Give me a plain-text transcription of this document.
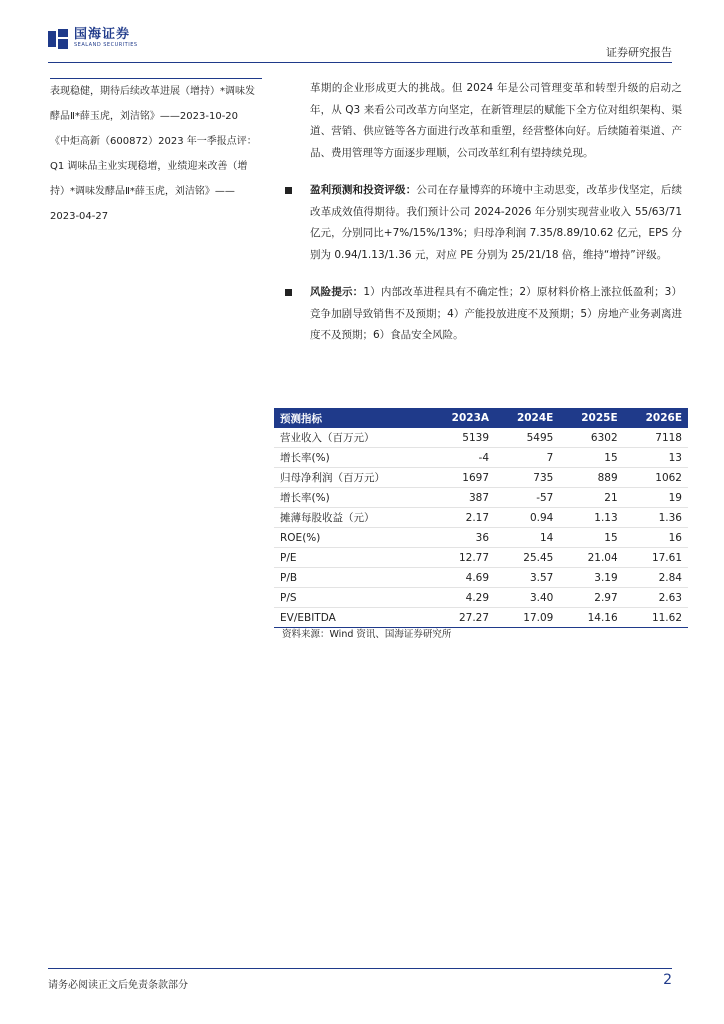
国海证券
SEALAND SECURITIES
证券研究报告

表现稳健，期待后续改革进展（增持）*调味发酵品Ⅱ*薛玉虎，刘洁铭》——2023-10-20

《中炬高新（600872）2023 年一季报点评：Q1 调味品主业实现稳增，业绩迎来改善（增持）*调味发酵品Ⅱ*薛玉虎，刘洁铭》——2023-04-27

革期的企业形成更大的挑战。但 2024 年是公司管理变革和转型升级的启动之年，从 Q3 来看公司改革方向坚定，在新管理层的赋能下全方位对组织架构、渠道、营销、供应链等各方面进行改革和重塑，经营整体向好。后续随着渠道、产品、费用管理等方面逐步理顺，公司改革红利有望持续兑现。

盈利预测和投资评级：公司在存量博弈的环境中主动思变，改革步伐坚定，后续改革成效值得期待。我们预计公司 2024-2026 年分别实现营业收入 55/63/71 亿元，分别同比+7%/15%/13%；归母净利润 7.35/8.89/10.62 亿元，EPS 分别为 0.94/1.13/1.36 元，对应 PE 分别为 25/21/18 倍，维持“增持”评级。

风险提示：1）内部改革进程具有不确定性；2）原材料价格上涨拉低盈利；3）竞争加剧导致销售不及预期；4）产能投放进度不及预期；5）房地产业务剥离进度不及预期；6）食品安全风险。

预测指标	2023A	2024E	2025E	2026E
营业收入（百万元）	5139	5495	6302	7118
增长率(%)	-4	7	15	13
归母净利润（百万元）	1697	735	889	1062
增长率(%)	387	-57	21	19
摊薄每股收益（元）	2.17	0.94	1.13	1.36
ROE(%)	36	14	15	16
P/E	12.77	25.45	21.04	17.61
P/B	4.69	3.57	3.19	2.84
P/S	4.29	3.40	2.97	2.63
EV/EBITDA	27.27	17.09	14.16	11.62
资料来源：Wind 资讯、国海证券研究所
请务必阅读正文后免责条款部分	2
